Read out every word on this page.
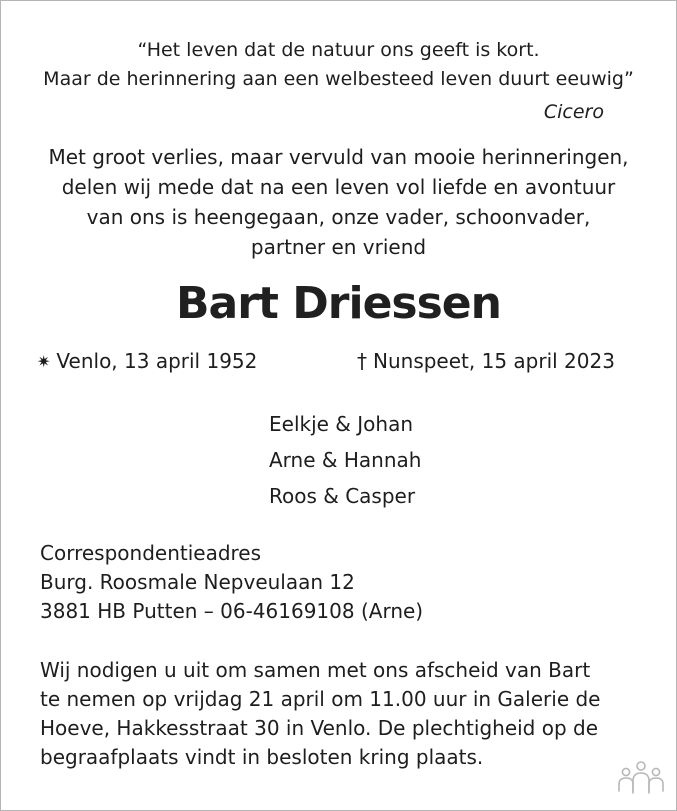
“Het leven dat de natuur ons geeft is kort.
Maar de herinnering aan een welbesteed leven duurt eeuwig”
Cicero
Met groot verlies, maar vervuld van mooie herinneringen,
delen wij mede dat na een leven vol liefde en avontuur
van ons is heengegaan, onze vader, schoonvader,
partner en vriend
Bart Driessen
✷ Venlo, 13 april 1952	† Nunspeet, 15 april 2023
Eelkje & Johan
Arne & Hannah
Roos & Casper
Correspondentieadres
Burg. Roosmale Nepveulaan 12
3881 HB Putten – 06-46169108 (Arne)
Wij nodigen u uit om samen met ons afscheid van Bart
te nemen op vrijdag 21 april om 11.00 uur in Galerie de
Hoeve, Hakkesstraat 30 in Venlo. De plechtigheid op de
begraafplaats vindt in besloten kring plaats.
